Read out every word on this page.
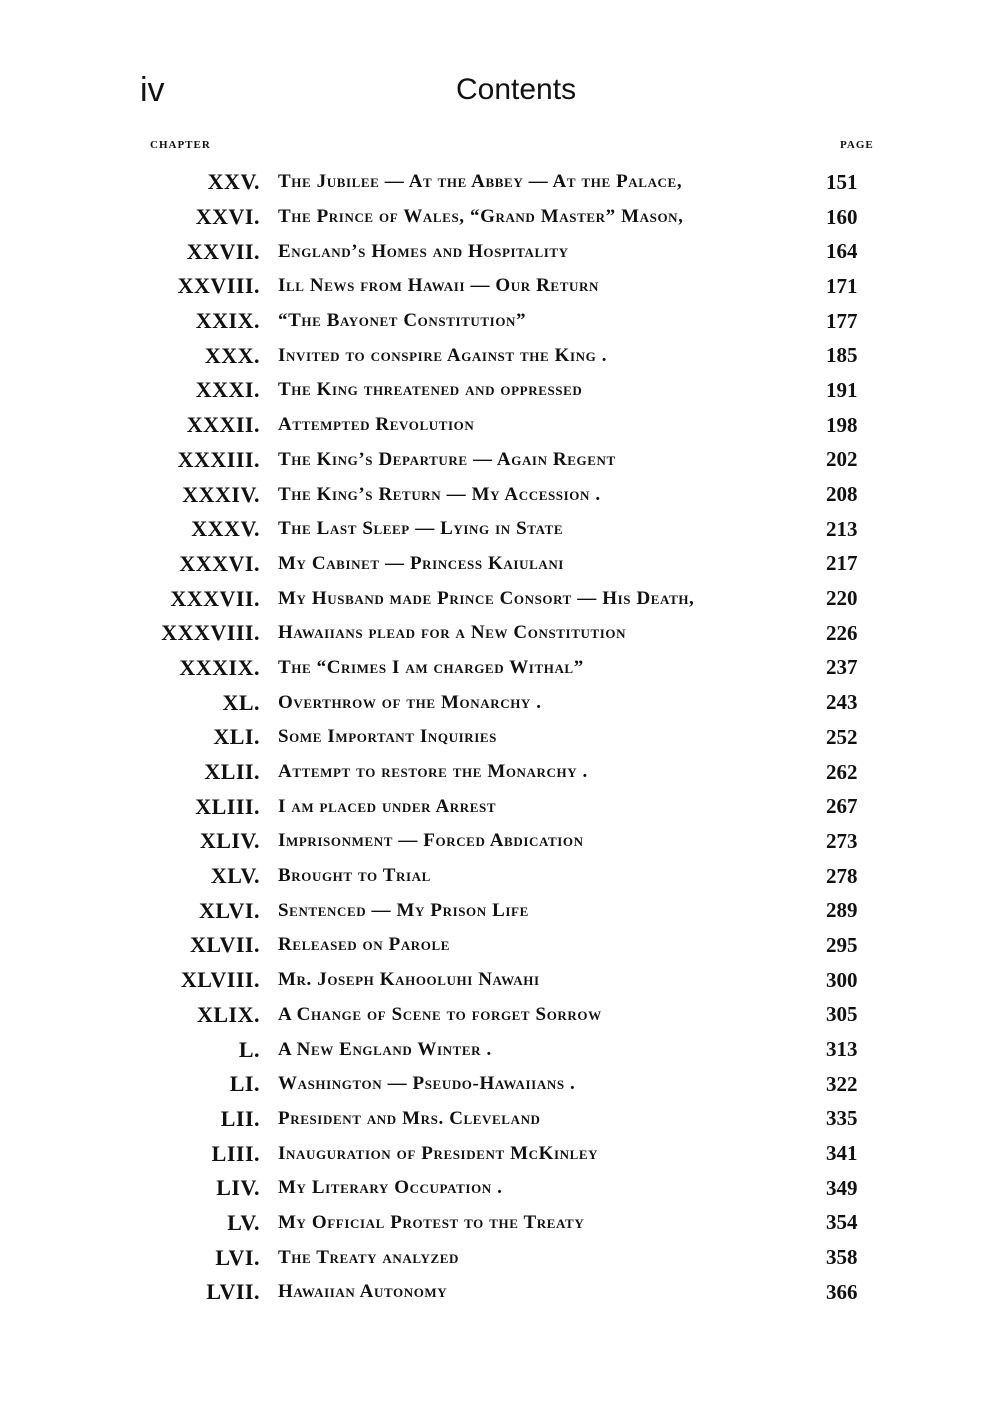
iv	Contents
CHAPTER	PAGE
XXV. The Jubilee — At the Abbey — At the Palace,	151
XXVI. The Prince of Wales, “Grand Master” Mason,	160
XXVII. England’s Homes and Hospitality	164
XXVIII. Ill News from Hawaii — Our Return	171
XXIX. “The Bayonet Constitution”	177
XXX. Invited to conspire Against the King .	185
XXXI. The King threatened and oppressed	191
XXXII. Attempted Revolution	198
XXXIII. The King’s Departure — Again Regent	202
XXXIV. The King’s Return — My Accession .	208
XXXV. The Last Sleep — Lying in State	213
XXXVI. My Cabinet — Princess Kaiulani	217
XXXVII. My Husband made Prince Consort — His Death,	220
XXXVIII. Hawaiians plead for a New Constitution	226
XXXIX. The “Crimes I am charged Withal”	237
XL. Overthrow of the Monarchy .	243
XLI. Some Important Inquiries	252
XLII. Attempt to restore the Monarchy .	262
XLIII. I am placed under Arrest	267
XLIV. Imprisonment — Forced Abdication	273
XLV. Brought to Trial	278
XLVI. Sentenced — My Prison Life	289
XLVII. Released on Parole	295
XLVIII. Mr. Joseph Kahooluhi Nawahi	300
XLIX. A Change of Scene to forget Sorrow	305
L. A New England Winter .	313
LI. Washington — Pseudo-Hawaiians .	322
LII. President and Mrs. Cleveland	335
LIII. Inauguration of President McKinley	341
LIV. My Literary Occupation .	349
LV. My Official Protest to the Treaty	354
LVI. The Treaty analyzed	358
LVII. Hawaiian Autonomy	366
